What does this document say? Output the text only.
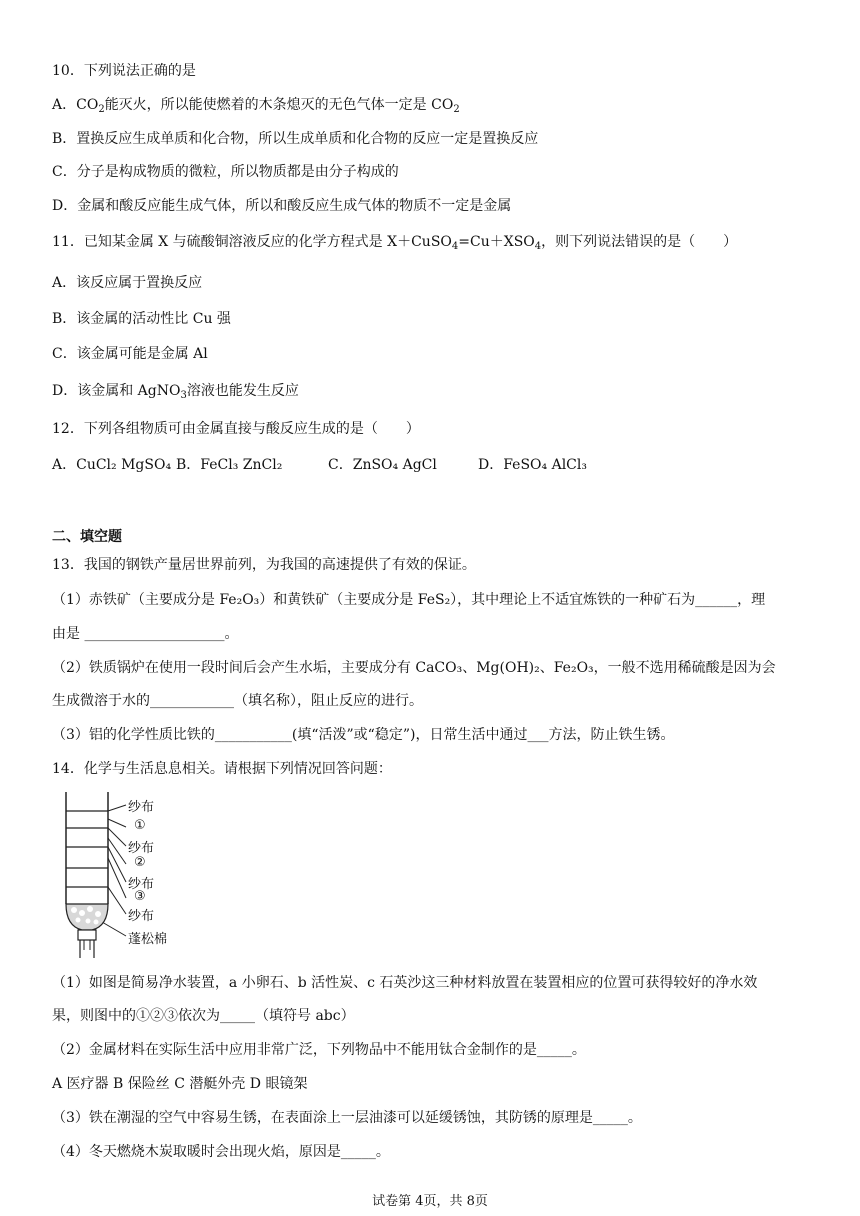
10．下列说法正确的是
A．$CO_2$能灭火，所以能使燃着的木条熄灭的无色气体一定是 $CO_2$
B．置换反应生成单质和化合物，所以生成单质和化合物的反应一定是置换反应
C．分子是构成物质的微粒，所以物质都是由分子构成的
D．金属和酸反应能生成气体，所以和酸反应生成气体的物质不一定是金属
11．已知某金属 X 与硫酸铜溶液反应的化学方程式是 $X+CuSO_4=Cu+XSO_4$，则下列说法错误的是（　　）
A．该反应属于置换反应
B．该金属的活动性比 Cu 强
C．该金属可能是金属 Al
D．该金属和 AgNO$_3$溶液也能发生反应
12．下列各组物质可由金属直接与酸反应生成的是（　　）
A．CuCl₂ MgSO₄ B．FeCl₃ ZnCl₂	C．ZnSO₄ AgCl	D．FeSO₄ AlCl₃
二、填空题
13．我国的钢铁产量居世界前列，为我国的高速提供了有效的保证。
（1）赤铁矿（主要成分是 Fe₂O₃）和黄铁矿（主要成分是 FeS₂），其中理论上不适宜炼铁的一种矿石为______，理
由是 ____________________。
（2）铁质锅炉在使用一段时间后会产生水垢，主要成分有 CaCO₃、Mg(OH)₂、Fe₂O₃，一般不选用稀硫酸是因为会
生成微溶于水的____________（填名称），阻止反应的进行。
（3）铝的化学性质比铁的___________(填“活泼”或“稳定”)，日常生活中通过___方法，防止铁生锈。
14．化学与生活息息相关。请根据下列情况回答问题：
纱布
①
纱布
②
纱布
③
纱布
蓬松棉
（1）如图是简易净水装置，a 小卵石、b 活性炭、c 石英沙这三种材料放置在装置相应的位置可获得较好的净水效
果，则图中的①②③依次为_____（填符号 abc）
（2）金属材料在实际生活中应用非常广泛，下列物品中不能用钛合金制作的是_____。
A 医疗器 B 保险丝 C 潜艇外壳 D 眼镜架
（3）铁在潮湿的空气中容易生锈，在表面涂上一层油漆可以延缓锈蚀，其防锈的原理是_____。
（4）冬天燃烧木炭取暖时会出现火焰，原因是_____。
试卷第 4页，共 8页
